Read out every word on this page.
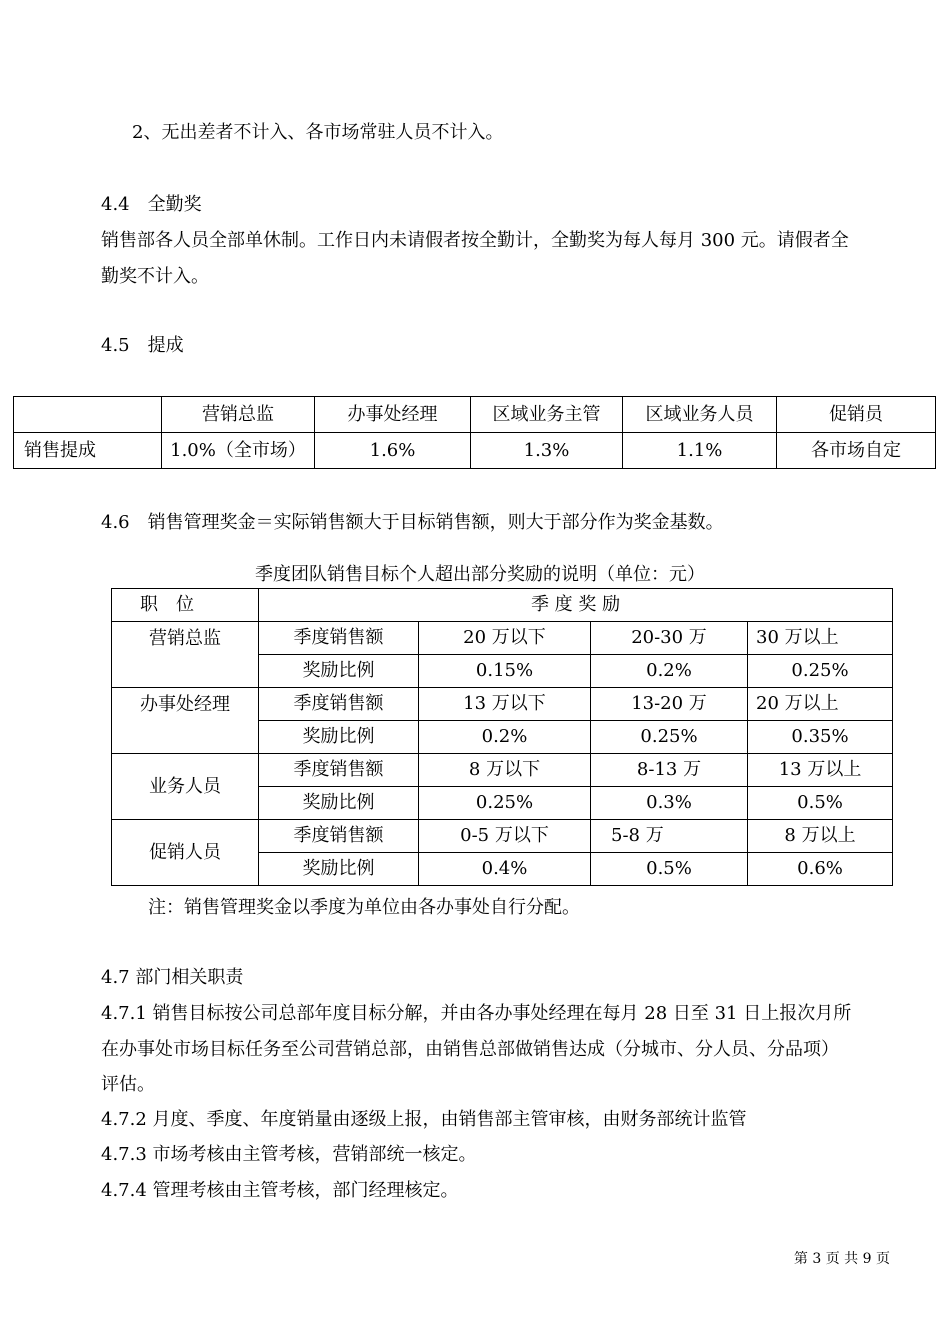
2、无出差者不计入、各市场常驻人员不计入。
4.4　全勤奖
销售部各人员全部单休制。工作日内未请假者按全勤计，全勤奖为每人每月 300 元。请假者全
勤奖不计入。
4.5　提成
	营销总监	办事处经理	区域业务主管	区域业务人员	促销员
销售提成	1.0%（全市场）	1.6%	1.3%	1.1%	各市场自定
4.6　销售管理奖金＝实际销售额大于目标销售额，则大于部分作为奖金基数。
季度团队销售目标个人超出部分奖励的说明（单位：元）
职　位	季 度 奖 励			
营销总监	季度销售额	20 万以下	20-30 万	30 万以上
	奖励比例	0.15%	0.2%	0.25%
办事处经理	季度销售额	13 万以下	13-20 万	20 万以上
	奖励比例	0.2%	0.25%	0.35%
业务人员	季度销售额	8 万以下	8-13 万	13 万以上
	奖励比例	0.25%	0.3%	0.5%
促销人员	季度销售额	0-5 万以下	5-8 万	8 万以上
	奖励比例	0.4%	0.5%	0.6%
注：销售管理奖金以季度为单位由各办事处自行分配。
4.7 部门相关职责
4.7.1 销售目标按公司总部年度目标分解，并由各办事处经理在每月 28 日至 31 日上报次月所
在办事处市场目标任务至公司营销总部，由销售总部做销售达成（分城市、分人员、分品项）
评估。
4.7.2 月度、季度、年度销量由逐级上报，由销售部主管审核，由财务部统计监管
4.7.3 市场考核由主管考核，营销部统一核定。
4.7.4 管理考核由主管考核，部门经理核定。
第 3 页 共 9 页
